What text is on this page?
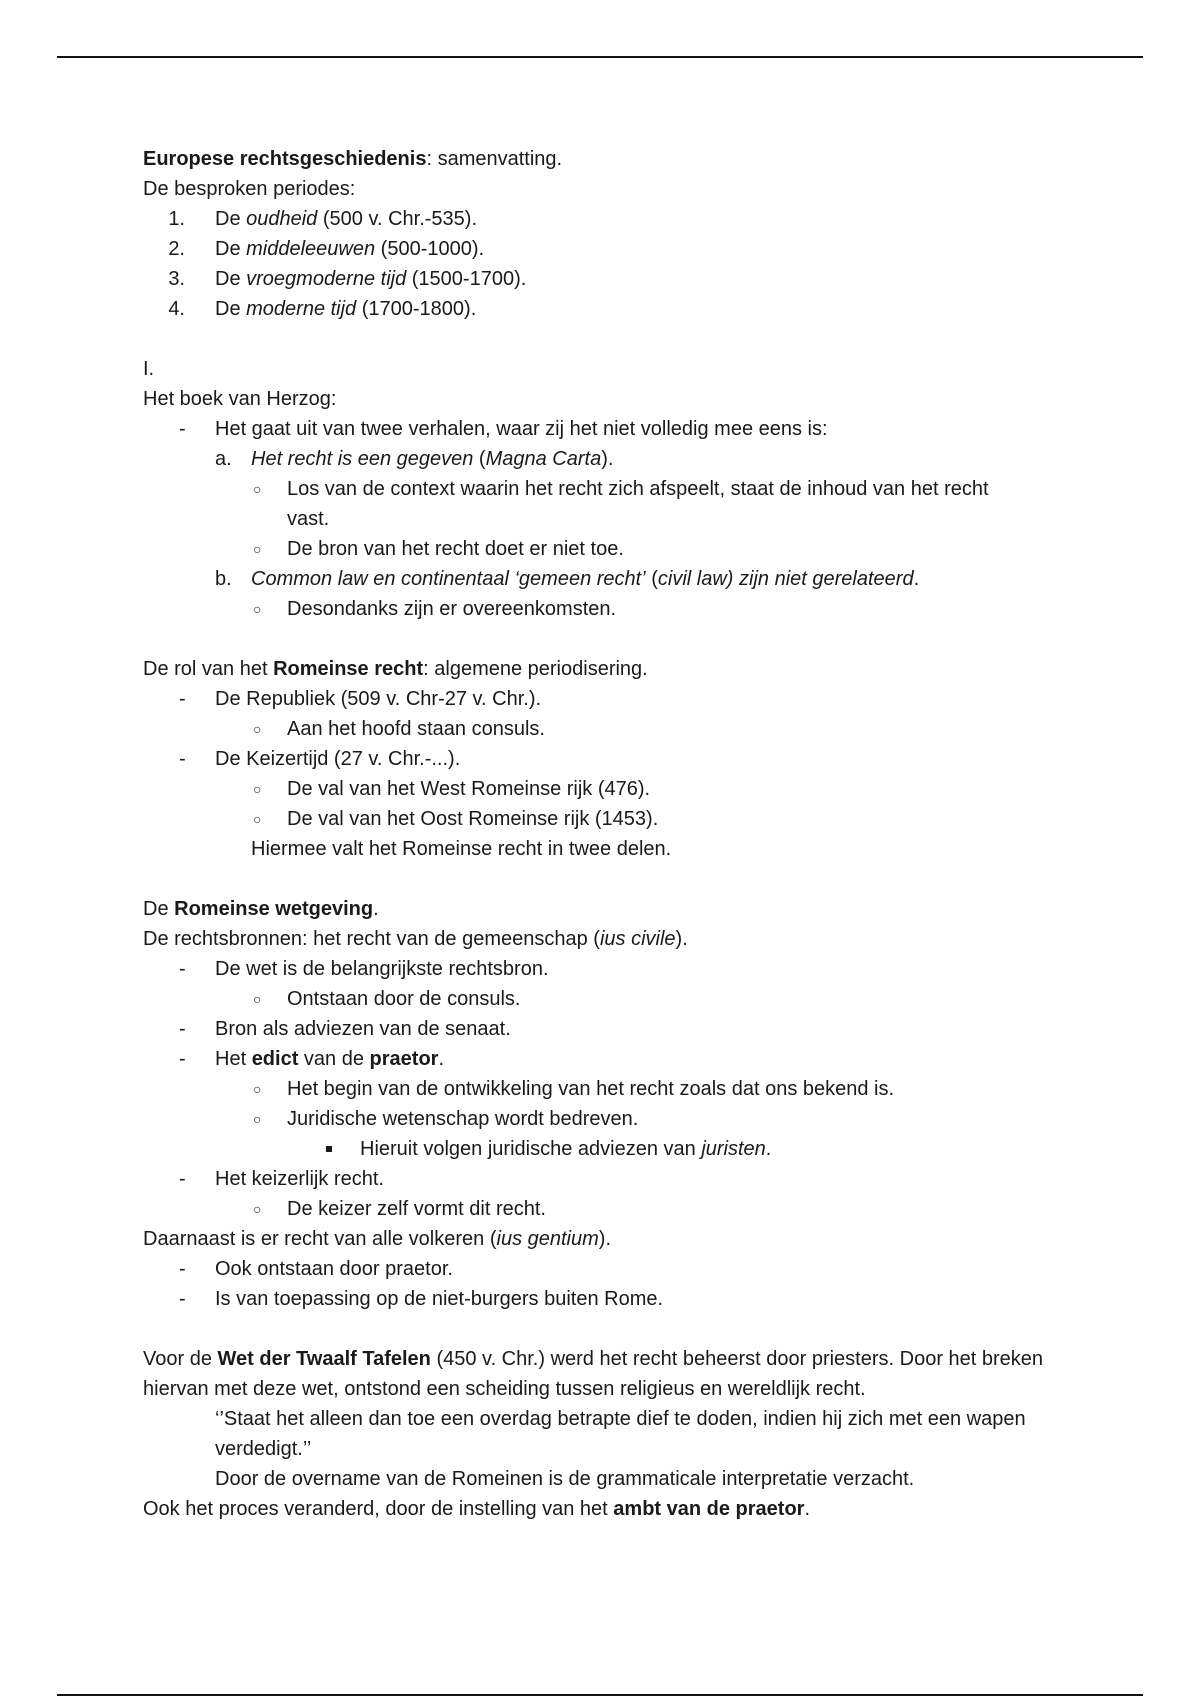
Europese rechtsgeschiedenis: samenvatting.
De besproken periodes:
1. De oudheid (500 v. Chr.-535).
2. De middeleeuwen (500-1000).
3. De vroegmoderne tijd (1500-1700).
4. De moderne tijd (1700-1800).
I.
Het boek van Herzog:
- Het gaat uit van twee verhalen, waar zij het niet volledig mee eens is:
a. Het recht is een gegeven (Magna Carta).
○ Los van de context waarin het recht zich afspeelt, staat de inhoud van het recht vast.
○ De bron van het recht doet er niet toe.
b. Common law en continentaal ‘gemeen recht’ (civil law) zijn niet gerelateerd.
○ Desondanks zijn er overeenkomsten.
De rol van het Romeinse recht: algemene periodisering.
- De Republiek (509 v. Chr-27 v. Chr.).
○ Aan het hoofd staan consuls.
- De Keizertijd (27 v. Chr.-...).
○ De val van het West Romeinse rijk (476).
○ De val van het Oost Romeinse rijk (1453).
Hiermee valt het Romeinse recht in twee delen.
De Romeinse wetgeving.
De rechtsbronnen: het recht van de gemeenschap (ius civile).
- De wet is de belangrijkste rechtsbron.
○ Ontstaan door de consuls.
- Bron als adviezen van de senaat.
- Het edict van de praetor.
○ Het begin van de ontwikkeling van het recht zoals dat ons bekend is.
○ Juridische wetenschap wordt bedreven.
Hieruit volgen juridische adviezen van juristen.
- Het keizerlijk recht.
○ De keizer zelf vormt dit recht.
Daarnaast is er recht van alle volkeren (ius gentium).
- Ook ontstaan door praetor.
- Is van toepassing op de niet-burgers buiten Rome.
Voor de Wet der Twaalf Tafelen (450 v. Chr.) werd het recht beheerst door priesters. Door het breken hiervan met deze wet, ontstond een scheiding tussen religieus en wereldlijk recht.
‘’Staat het alleen dan toe een overdag betrapte dief te doden, indien hij zich met een wapen verdedigt.’’
Door de overname van de Romeinen is de grammaticale interpretatie verzacht.
Ook het proces veranderd, door de instelling van het ambt van de praetor.
